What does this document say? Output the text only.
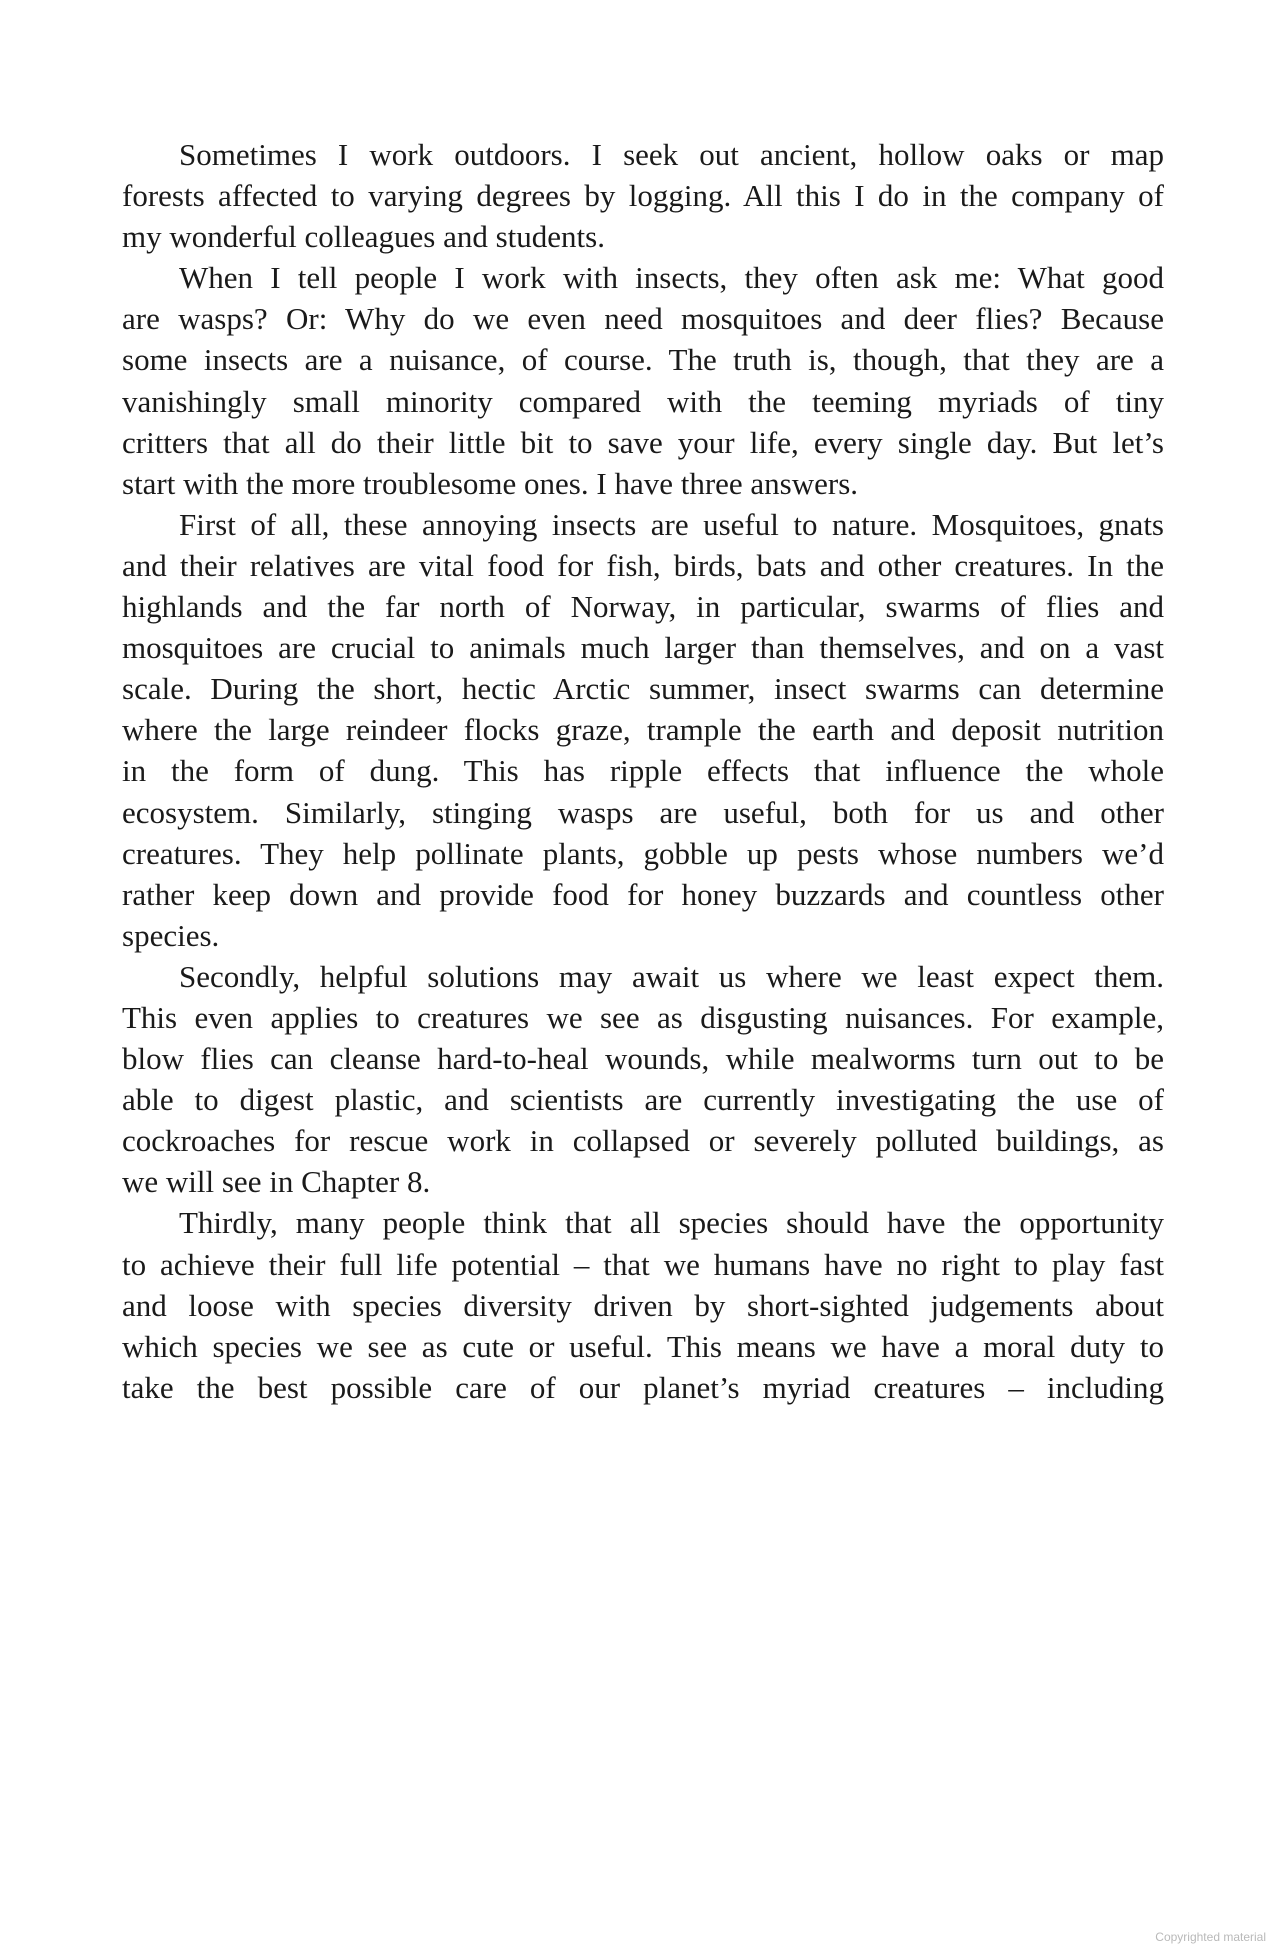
Sometimes I work outdoors. I seek out ancient, hollow oaks or map
forests affected to varying degrees by logging. All this I do in the company of
my wonderful colleagues and students.
When I tell people I work with insects, they often ask me: What good
are wasps? Or: Why do we even need mosquitoes and deer flies? Because
some insects are a nuisance, of course. The truth is, though, that they are a
vanishingly small minority compared with the teeming myriads of tiny
critters that all do their little bit to save your life, every single day. But let’s
start with the more troublesome ones. I have three answers.
First of all, these annoying insects are useful to nature. Mosquitoes, gnats
and their relatives are vital food for fish, birds, bats and other creatures. In the
highlands and the far north of Norway, in particular, swarms of flies and
mosquitoes are crucial to animals much larger than themselves, and on a vast
scale. During the short, hectic Arctic summer, insect swarms can determine
where the large reindeer flocks graze, trample the earth and deposit nutrition
in the form of dung. This has ripple effects that influence the whole
ecosystem. Similarly, stinging wasps are useful, both for us and other
creatures. They help pollinate plants, gobble up pests whose numbers we’d
rather keep down and provide food for honey buzzards and countless other
species.
Secondly, helpful solutions may await us where we least expect them.
This even applies to creatures we see as disgusting nuisances. For example,
blow flies can cleanse hard-to-heal wounds, while mealworms turn out to be
able to digest plastic, and scientists are currently investigating the use of
cockroaches for rescue work in collapsed or severely polluted buildings, as
we will see in Chapter 8.
Thirdly, many people think that all species should have the opportunity
to achieve their full life potential – that we humans have no right to play fast
and loose with species diversity driven by short-sighted judgements about
which species we see as cute or useful. This means we have a moral duty to
take the best possible care of our planet’s myriad creatures – including
Copyrighted material
